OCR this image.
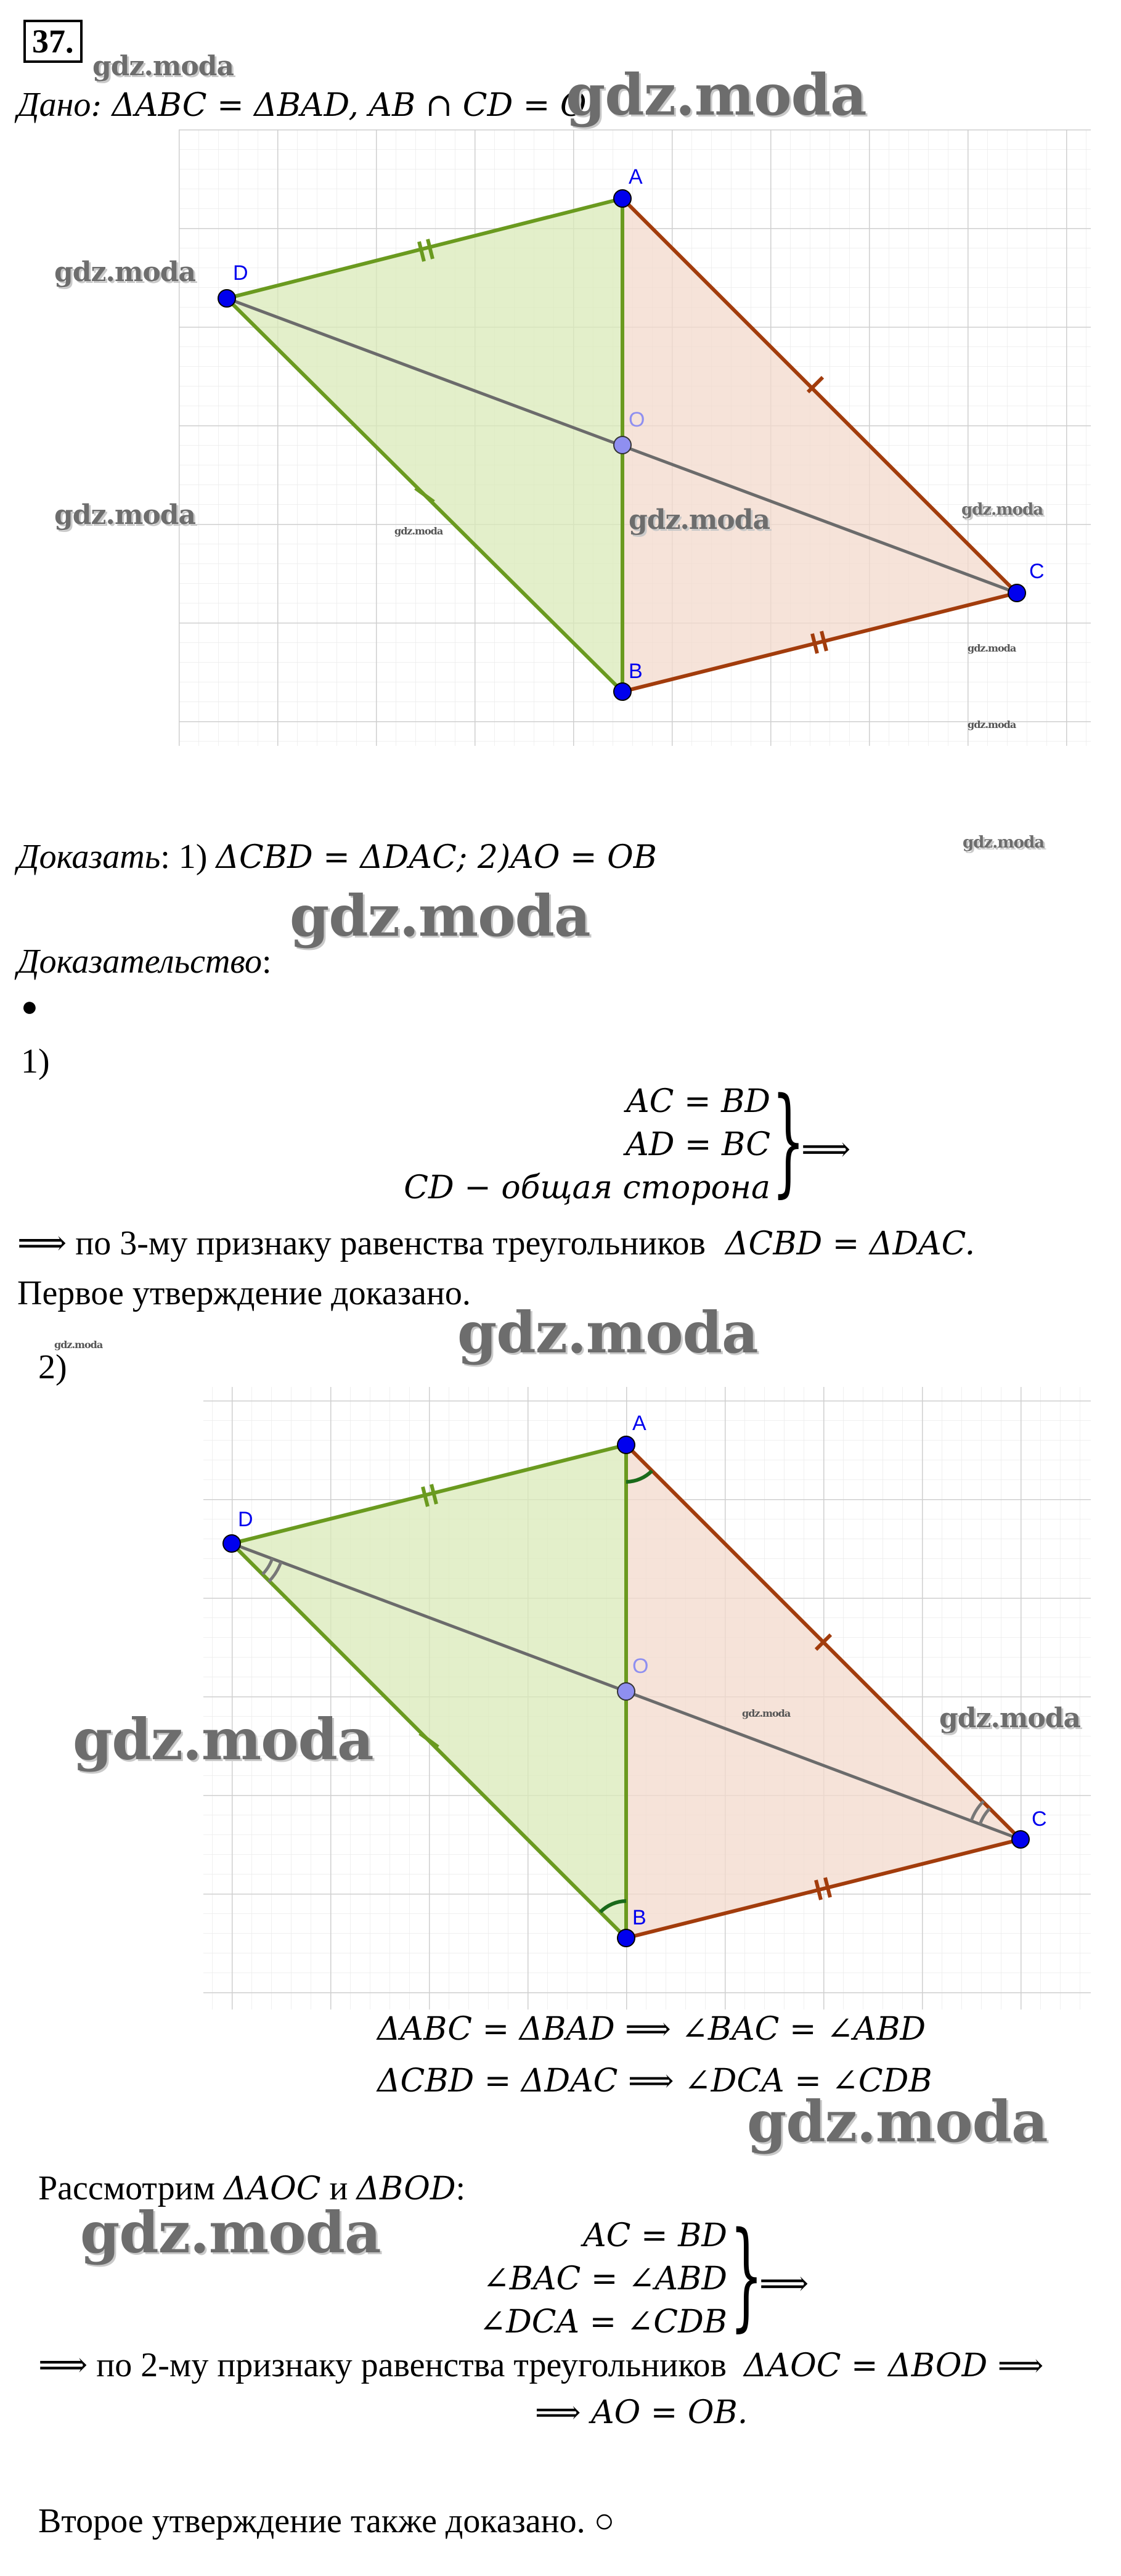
37.
gdz.moda
Дано: ΔABC = ΔBAD, AB ∩ CD = O
gdz.moda
A
B
C
D
O
gdz.moda
gdz.moda	gdz.moda
gdz.moda
gdz.moda
gdz.moda
gdz.moda
Доказать: 1) ΔCBD = ΔDAC; 2)AO = OB	gdz.moda
gdz.moda
Доказательство:
●
1)
AC = BD
AD = BC
CD − общая сторона }
⟹
⟹ по 3-му признаку равенства треугольников ΔCBD = ΔDAC.
Первое утверждение доказано.
gdz.moda
gdz.moda
2)
A
B
C
D
O
gdz.moda	gdz.moda	gdz.moda
ΔABC = ΔBAD ⟹ ∠BAC = ∠ABD
ΔCBD = ΔDAC ⟹ ∠DCA = ∠CDB
gdz.moda
Рассмотрим ΔAOC и ΔBOD:
gdz.moda	AC = BD
∠BAC = ∠ABD
∠DCA = ∠CDB }
⟹
⟹ по 2-му признаку равенства треугольников ΔAOC = ΔBOD ⟹
⟹ AO = OB.
Второе утверждение также доказано. ○
